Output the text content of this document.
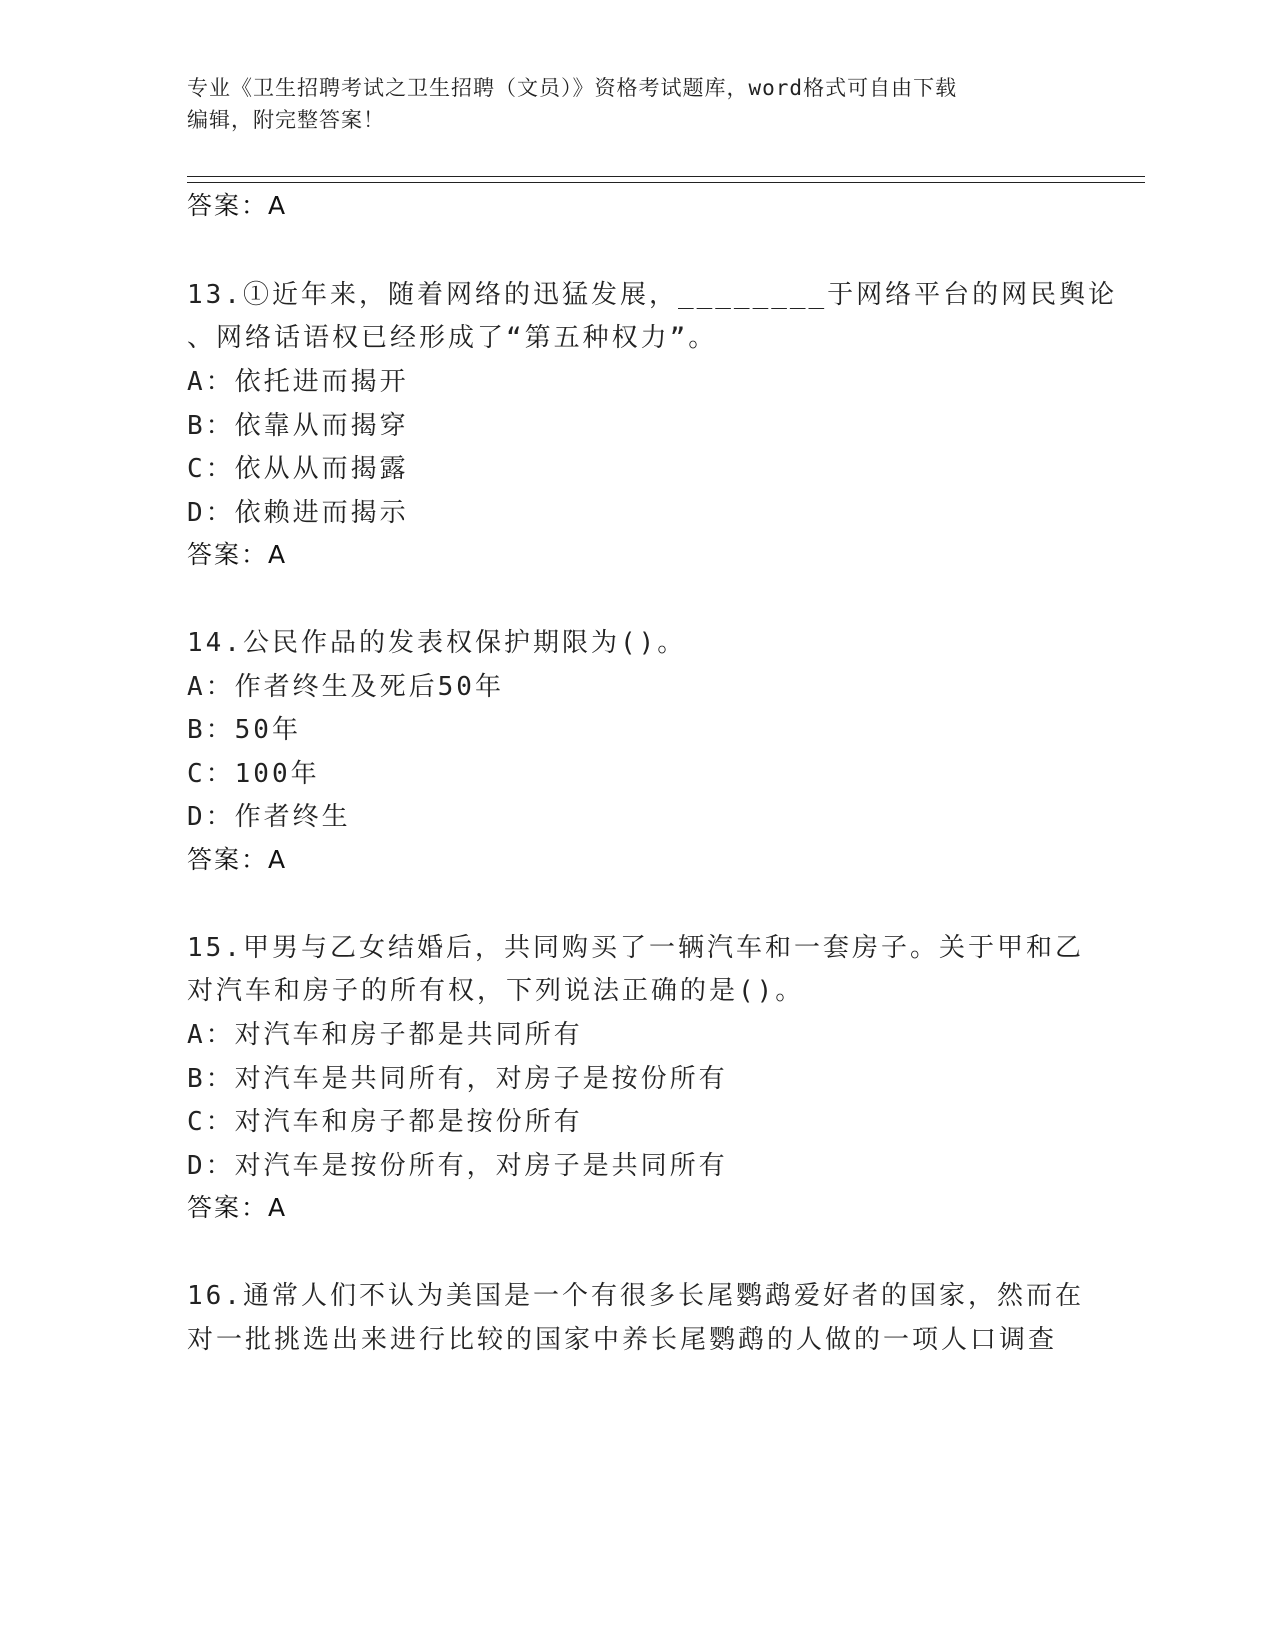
专业《卫生招聘考试之卫生招聘（文员）》资格考试题库，word格式可自由下载
编辑，附完整答案！
答案：A
13.①近年来，随着网络的迅猛发展，________于网络平台的网民舆论
、网络话语权已经形成了“第五种权力”。
A：依托进而揭开
B：依靠从而揭穿
C：依从从而揭露
D：依赖进而揭示
答案：A
14.公民作品的发表权保护期限为()。
A：作者终生及死后50年
B：50年
C：100年
D：作者终生
答案：A
15.甲男与乙女结婚后，共同购买了一辆汽车和一套房子。关于甲和乙
对汽车和房子的所有权，下列说法正确的是()。
A：对汽车和房子都是共同所有
B：对汽车是共同所有，对房子是按份所有
C：对汽车和房子都是按份所有
D：对汽车是按份所有，对房子是共同所有
答案：A
16.通常人们不认为美国是一个有很多长尾鹦鹉爱好者的国家，然而在
对一批挑选出来进行比较的国家中养长尾鹦鹉的人做的一项人口调查
